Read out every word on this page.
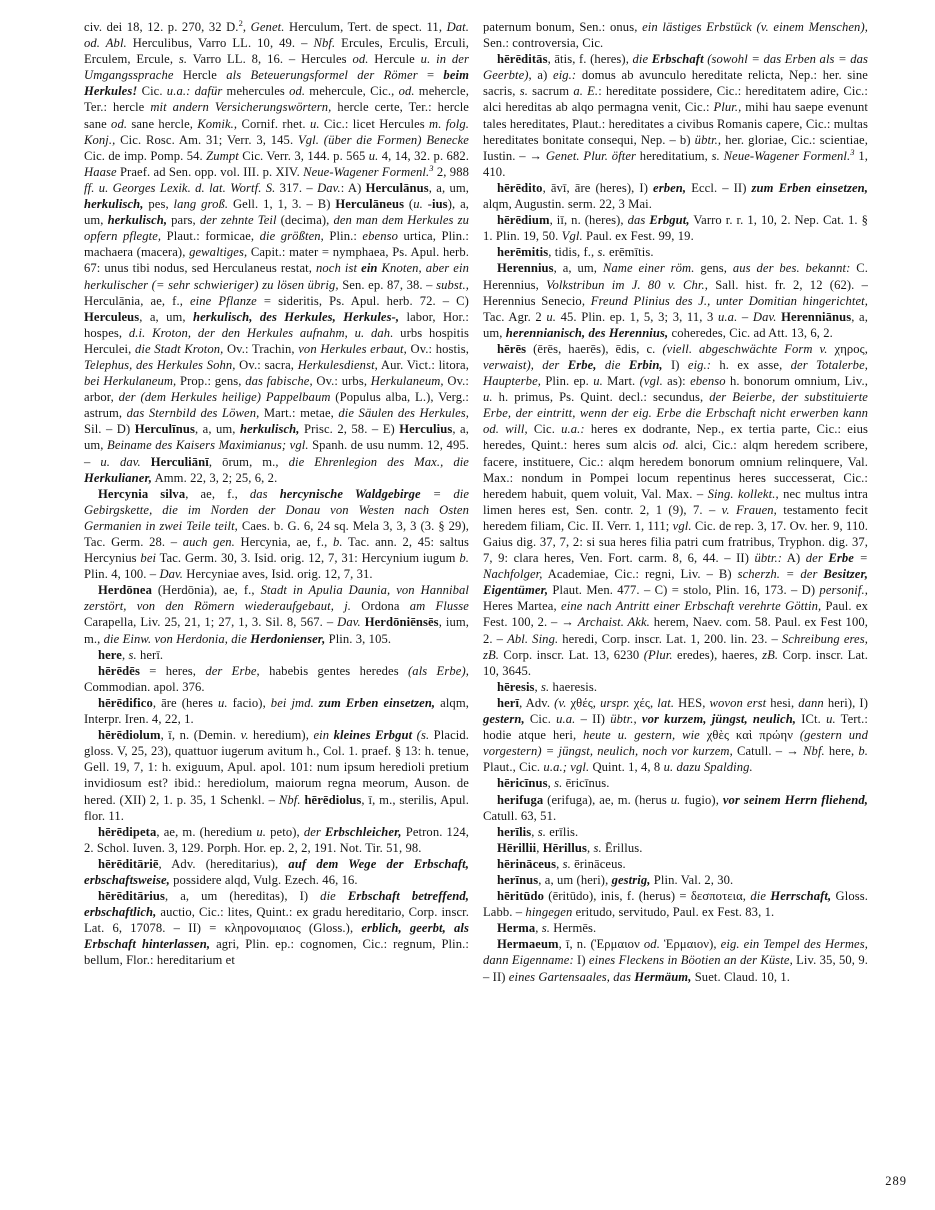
civ. dei 18, 12. p. 270, 32 D.$^2$, Genet. Herculum, Tert. de spect. 11, Dat. od. Abl. Herculibus, Varro LL. 10, 49. – Nbf. Ercules, Erculis, Erculi, Erculem, Ercule, s. Varro LL. 8, 16. – Hercules od. Hercule u. in der Umgangssprache Hercle als Beteuerungsformel der Römer = beim Herkules! Cic. u.a.: dafür mehercules od. mehercule, Cic., od. mehercle, Ter.: hercle mit andern Versicherungswörtern, hercle certe, Ter.: hercle sane od. sane hercle, Komik., Cornif. rhet. u. Cic.: licet Hercules m. folg. Konj., Cic. Rosc. Am. 31; Verr. 3, 145. Vgl. (über die Formen) Benecke Cic. de imp. Pomp. 54. Zumpt Cic. Verr. 3, 144. p. 565 u. 4, 14, 32. p. 682. Haase Praef. ad Sen. opp. vol. III. p. XIV. Neue-Wagener Formenl.$^3$ 2, 988 ff. u. Georges Lexik. d. lat. Wortf. S. 317. – Dav.: A) Herculānus, a, um, herkulisch, pes, lang groß. Gell. 1, 1, 3. – B) Herculāneus (u. -ius), a, um, herkulisch, pars, der zehnte Teil (decima), den man dem Herkules zu opfern pflegte, Plaut.: formicae, die größten, Plin.: ebenso urtica, Plin.: machaera (macera), gewaltiges, Capit.: mater = nymphaea, Ps. Apul. herb. 67: unus tibi nodus, sed Herculaneus restat, noch ist ein Knoten, aber ein herkulischer (= sehr schwieriger) zu lösen übrig, Sen. ep. 87, 38. – subst., Herculānia, ae, f., eine Pflanze = sideritis, Ps. Apul. herb. 72. – C) Herculeus, a, um, herkulisch, des Herkules, Herkules-, labor, Hor.: hospes, d.i. Kroton, der den Herkules aufnahm, u. dah. urbs hospitis Herculei, die Stadt Kroton, Ov.: Trachin, von Herkules erbaut, Ov.: hostis, Telephus, des Herkules Sohn, Ov.: sacra, Herkulesdienst, Aur. Vict.: litora, bei Herkulaneum, Prop.: gens, das fabische, Ov.: urbs, Herkulaneum, Ov.: arbor, der (dem Herkules heilige) Pappelbaum (Populus alba, L.), Verg.: astrum, das Sternbild des Löwen, Mart.: metae, die Säulen des Herkules, Sil. – D) Herculīnus, a, um, herkulisch, Prisc. 2, 58. – E) Herculius, a, um, Beiname des Kaisers Maximianus; vgl. Spanh. de usu numm. 12, 495. – u. dav. Herculiānī, ōrum, m., die Ehrenlegion des Max., die Herkulianer, Amm. 22, 3, 2; 25, 6, 2.

Hercynia silva, ae, f., das hercynische Waldgebirge = die Gebirgskette, die im Norden der Donau von Westen nach Osten Germanien in zwei Teile teilt, Caes. b. G. 6, 24 sq. Mela 3, 3, 3 (3. § 29), Tac. Germ. 28. – auch gen. Hercynia, ae, f., b. Tac. ann. 2, 45: saltus Hercynius bei Tac. Germ. 30, 3. Isid. orig. 12, 7, 31: Hercynium iugum b. Plin. 4, 100. – Dav. Hercyniae aves, Isid. orig. 12, 7, 31.

Herdōnea (Herdōnia), ae, f., Stadt in Apulia Daunia, von Hannibal zerstört, von den Römern wiederaufgebaut, j. Ordona am Flusse Carapella, Liv. 25, 21, 1; 27, 1, 3. Sil. 8, 567. – Dav. Herdōniēnsēs, ium, m., die Einw. von Herdonia, die Herdonienser, Plin. 3, 105.

here, s. herī.

hērēdēs = heres, der Erbe, habebis gentes heredes (als Erbe), Commodian. apol. 376.

hērēdifico, āre (heres u. facio), bei jmd. zum Erben einsetzen, alqm, Interpr. Iren. 4, 22, 1.

hērēdiolum, ī, n. (Demin. v. heredium), ein kleines Erbgut (s. Placid. gloss. V, 25, 23), quattuor iugerum avitum h., Col. 1. praef. § 13: h. tenue, Gell. 19, 7, 1: h. exiguum, Apul. apol. 101: num ipsum heredioli pretium invidiosum est? ibid.: herediolum, maiorum regna meorum, Auson. de hered. (XII) 2, 1. p. 35, 1 Schenkl. – Nbf. hērēdiolus, ī, m., sterilis, Apul. flor. 11.

hērēdipeta, ae, m. (heredium u. peto), der Erbschleicher, Petron. 124, 2. Schol. Iuven. 3, 129. Porph. Hor. ep. 2, 2, 191. Not. Tir. 51, 98.

hērēditāriē, Adv. (hereditarius), auf dem Wege der Erbschaft, erbschaftsweise, possidere alqd, Vulg. Ezech. 46, 16.

hērēditārius, a, um (hereditas), I) die Erbschaft betreffend, erbschaftlich, auctio, Cic.: lites, Quint.: ex gradu hereditario, Corp. inscr. Lat. 6, 17078. – II) = κληρονομιαιος (Gloss.), erblich, geerbt, als Erbschaft hinterlassen, agri, Plin. ep.: cognomen, Cic.: regnum, Plin.: bellum, Flor.: hereditarium et

paternum bonum, Sen.: onus, ein lästiges Erbstück (v. einem Menschen), Sen.: controversia, Cic.

hērēditās, ātis, f. (heres), die Erbschaft (sowohl = das Erben als = das Geerbte), a) eig.: domus ab avunculo hereditate relicta, Nep.: her. sine sacris, s. sacrum a. E.: hereditate possidere, Cic.: hereditatem adire, Cic.: alci hereditas ab alqo permagna venit, Cic.: Plur., mihi hau saepe evenunt tales hereditates, Plaut.: hereditates a civibus Romanis capere, Cic.: multas hereditates bonitate consequi, Nep. – b) übtr., her. gloriae, Cic.: scientiae, Iustin. – → Genet. Plur. öfter hereditatium, s. Neue-Wagener Formenl.$^3$ 1, 410.

hērēdito, āvī, āre (heres), I) erben, Eccl. – II) zum Erben einsetzen, alqm, Augustin. serm. 22, 3 Mai.

hērēdium, iī, n. (heres), das Erbgut, Varro r. r. 1, 10, 2. Nep. Cat. 1. § 1. Plin. 19, 50. Vgl. Paul. ex Fest. 99, 19.

herēmitis, tidis, f., s. erēmītis.

Herennius, a, um, Name einer röm. gens, aus der bes. bekannt: C. Herennius, Volkstribun im J. 80 v. Chr., Sall. hist. fr. 2, 12 (62). – Herennius Senecio, Freund Plinius des J., unter Domitian hingerichtet, Tac. Agr. 2 u. 45. Plin. ep. 1, 5, 3; 3, 11, 3 u.a. – Dav. Herenniānus, a, um, herennianisch, des Herennius, coheredes, Cic. ad Att. 13, 6, 2.

hērēs (ērēs, haerēs), ēdis, c. (viell. abgeschwächte Form v. χηρος, verwaist), der Erbe, die Erbin, I) eig.: h. ex asse, der Totalerbe, Haupterbe, Plin. ep. u. Mart. (vgl. as): ebenso h. bonorum omnium, Liv., u. h. primus, Ps. Quint. decl.: secundus, der Beierbe, der substituierte Erbe, der eintritt, wenn der eig. Erbe die Erbschaft nicht erwerben kann od. will, Cic. u.a.: heres ex dodrante, Nep., ex tertia parte, Cic.: eius heredes, Quint.: heres sum alcis od. alci, Cic.: alqm heredem scribere, facere, instituere, Cic.: alqm heredem bonorum omnium relinquere, Val. Max.: nondum in Pompei locum repentinus heres successerat, Cic.: heredem habuit, quem voluit, Val. Max. – Sing. kollekt., nec multus intra limen heres est, Sen. contr. 2, 1 (9), 7. – v. Frauen, testamento fecit heredem filiam, Cic. II. Verr. 1, 111; vgl. Cic. de rep. 3, 17. Ov. her. 9, 110. Gaius dig. 37, 7, 2: si sua heres filia patri cum fratribus, Tryphon. dig. 37, 7, 9: clara heres, Ven. Fort. carm. 8, 6, 44. – II) übtr.: A) der Erbe = Nachfolger, Academiae, Cic.: regni, Liv. – B) scherzh. = der Besitzer, Eigentümer, Plaut. Men. 477. – C) = stolo, Plin. 16, 173. – D) personif., Heres Martea, eine nach Antritt einer Erbschaft verehrte Göttin, Paul. ex Fest. 100, 2. – → Archaist. Akk. herem, Naev. com. 58. Paul. ex Fest 100, 2. – Abl. Sing. heredi, Corp. inscr. Lat. 1, 200. lin. 23. – Schreibung eres, zB. Corp. inscr. Lat. 13, 6230 (Plur. eredes), haeres, zB. Corp. inscr. Lat. 10, 3645.

hēresis, s. haeresis.

herī, Adv. (v. χθές, urspr. χές, lat. HES, wovon erst hesi, dann heri), I) gestern, Cic. u.a. – II) übtr., vor kurzem, jüngst, neulich, ICt. u. Tert.: hodie atque heri, heute u. gestern, wie χθὲς καὶ πρώην (gestern und vorgestern) = jüngst, neulich, noch vor kurzem, Catull. – → Nbf. here, b. Plaut., Cic. u.a.; vgl. Quint. 1, 4, 8 u. dazu Spalding.

hēricīnus, s. ēricīnus.

herifuga (erifuga), ae, m. (herus u. fugio), vor seinem Herrn fliehend, Catull. 63, 51.

herīlis, s. erīlis.

Hērillii, Hērillus, s. Ērillus.

hērināceus, s. ērināceus.

herīnus, a, um (heri), gestrig, Plin. Val. 2, 30.

hēritūdo (ēritūdo), inis, f. (herus) = δεσποτεια, die Herrschaft, Gloss. Labb. – hingegen eritudo, servitudo, Paul. ex Fest. 83, 1.

Herma, s. Hermēs.

Hermaeum, ī, n. (Ἑρμαιον od. Ἑρμαιον), eig. ein Tempel des Hermes, dann Eigenname: I) eines Fleckens in Böotien an der Küste, Liv. 35, 50, 9. – II) eines Gartensaales, das Hermäum, Suet. Claud. 10, 1.

289
